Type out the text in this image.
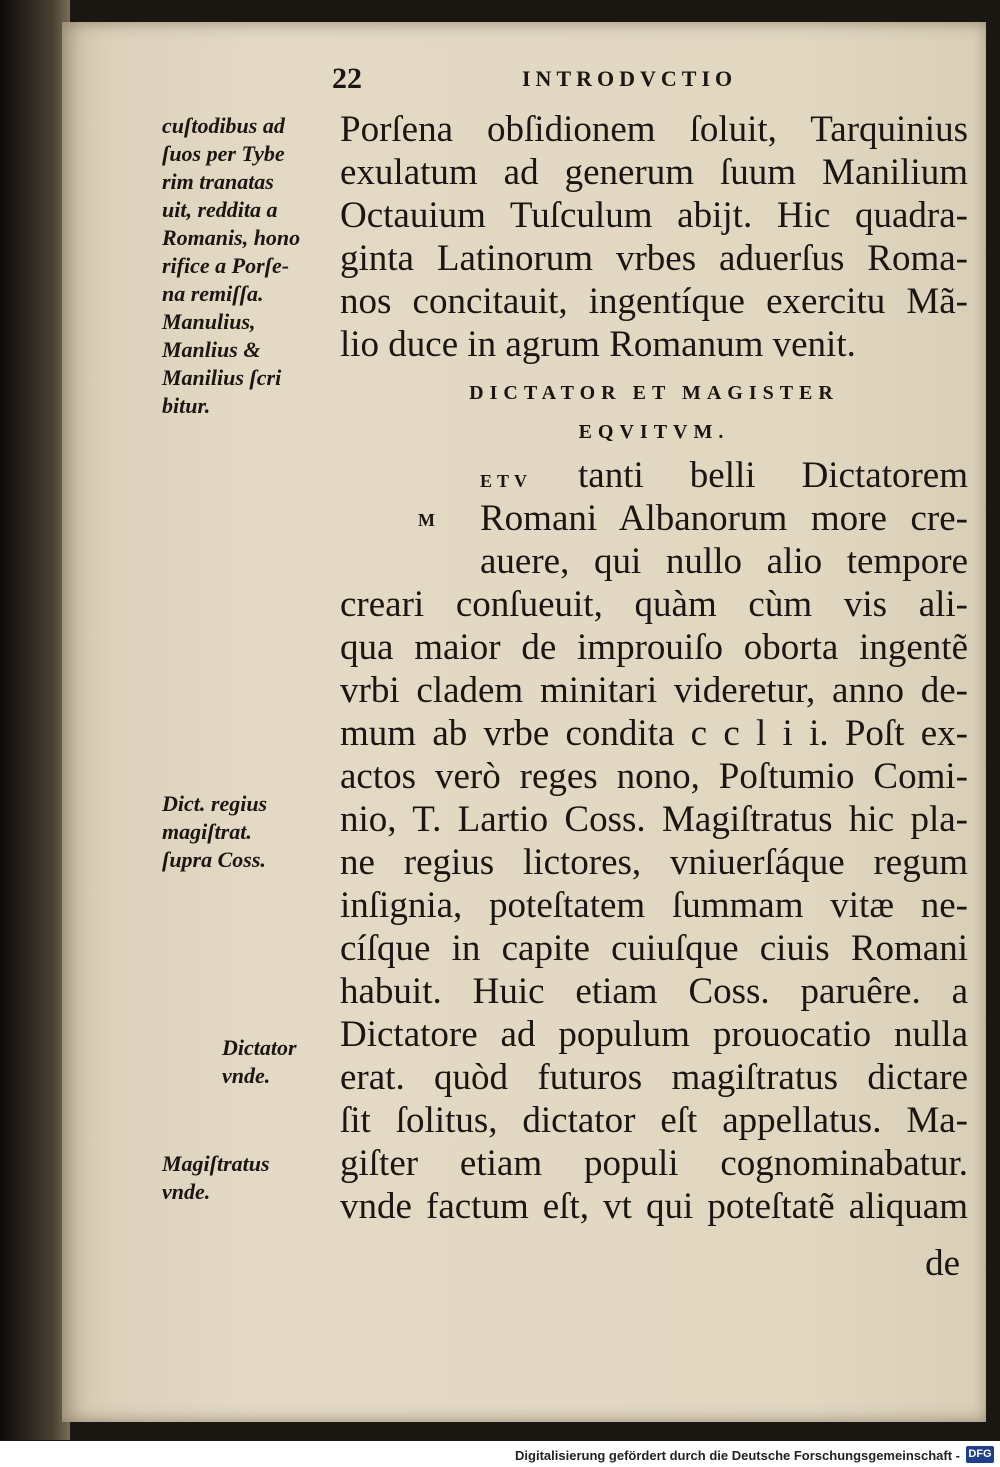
22	INTRODVCTIO
cuſtodibus ad
ſuos per Tybe
rim tranatas
uit, reddita a
Romanis, hono
rifice a Porſe-
na remiſſa.
Manulius,
Manlius &
Manilius ſcri
bitur.
Dict. regius
magiſtrat.
ſupra Coss.
Dictator
vnde.
Magiſtratus
vnde.
Porſena obſidionem ſoluit, Tarquinius
exulatum ad generum ſuum Manilium
Octauium Tuſculum abijt. Hic quadra-
ginta Latinorum vrbes aduerſus Roma-
nos concitauit, ingentíque exercitu Mã-
lio duce in agrum Romanum venit.
DICTATOR ET MAGISTER
EQVITVM.
M
ETV tanti belli Dictatorem
Romani Albanorum more cre-
auere, qui nullo alio tempore
creari conſueuit, quàm cùm vis ali-
qua maior de improuiſo oborta ingentẽ
vrbi cladem minitari videretur, anno de-
mum ab vrbe condita c c l i i. Poſt ex-
actos verò reges nono, Poſtumio Comi-
nio, T. Lartio Coss. Magiſtratus hic pla-
ne regius lictores, vniuerſáque regum
inſignia, poteſtatem ſummam vitæ ne-
cíſque in capite cuiuſque ciuis Romani
habuit. Huic etiam Coss. paruêre. a
Dictatore ad populum prouocatio nulla
erat. quòd futuros magiſtratus dictare
ſit ſolitus, dictator eſt appellatus. Ma-
giſter etiam populi cognominabatur.
vnde factum eſt, vt qui poteſtatẽ aliquam
de
Digitalisierung gefördert durch die Deutsche Forschungsgemeinschaft - DFG
